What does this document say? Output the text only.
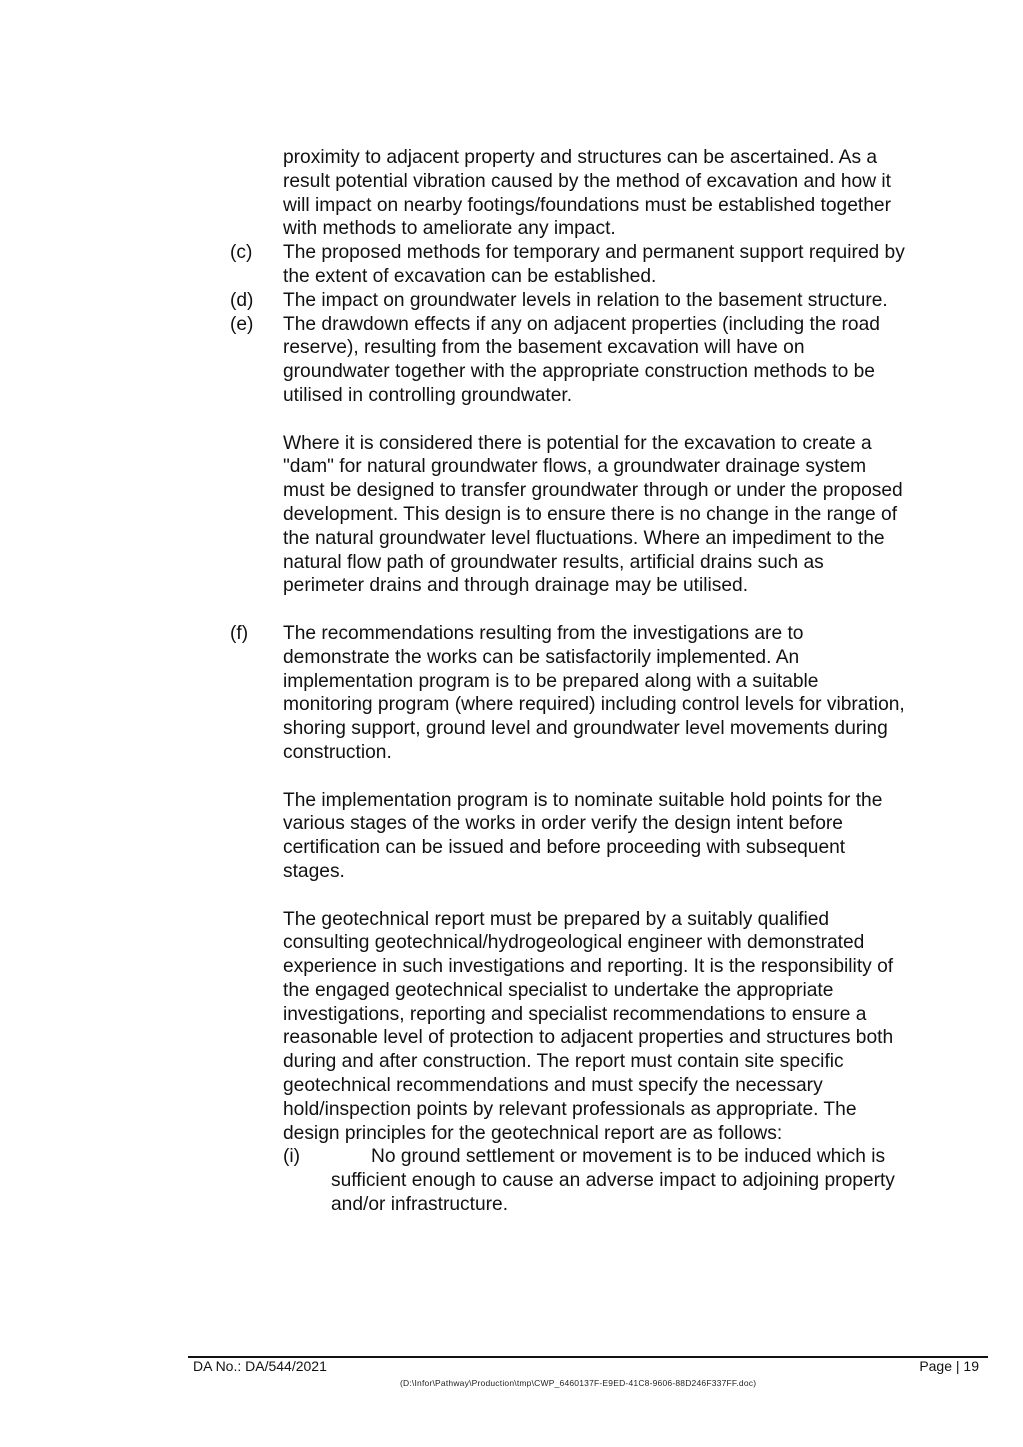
proximity to adjacent property and structures can be ascertained. As a result potential vibration caused by the method of excavation and how it will impact on nearby footings/foundations must be established together with methods to ameliorate any impact.

(c)	The proposed methods for temporary and permanent support required by the extent of excavation can be established.
(d)	The impact on groundwater levels in relation to the basement structure.
(e)	The drawdown effects if any on adjacent properties (including the road reserve), resulting from the basement excavation will have on groundwater together with the appropriate construction methods to be utilised in controlling groundwater.

Where it is considered there is potential for the excavation to create a "dam" for natural groundwater flows, a groundwater drainage system must be designed to transfer groundwater through or under the proposed development. This design is to ensure there is no change in the range of the natural groundwater level fluctuations. Where an impediment to the natural flow path of groundwater results, artificial drains such as perimeter drains and through drainage may be utilised.

(f)	The recommendations resulting from the investigations are to demonstrate the works can be satisfactorily implemented. An implementation program is to be prepared along with a suitable monitoring program (where required) including control levels for vibration, shoring support, ground level and groundwater level movements during construction.

The implementation program is to nominate suitable hold points for the various stages of the works in order verify the design intent before certification can be issued and before proceeding with subsequent stages.

The geotechnical report must be prepared by a suitably qualified consulting geotechnical/hydrogeological engineer with demonstrated experience in such investigations and reporting. It is the responsibility of the engaged geotechnical specialist to undertake the appropriate investigations, reporting and specialist recommendations to ensure a reasonable level of protection to adjacent properties and structures both during and after construction. The report must contain site specific geotechnical recommendations and must specify the necessary hold/inspection points by relevant professionals as appropriate. The design principles for the geotechnical report are as follows:

(i)	No ground settlement or movement is to be induced which is sufficient enough to cause an adverse impact to adjoining property and/or infrastructure.
DA No.: DA/544/2021	Page | 19
(D:\Infor\Pathway\Production\tmp\CWP_6460137F-E9ED-41C8-9606-88D246F337FF.doc)
